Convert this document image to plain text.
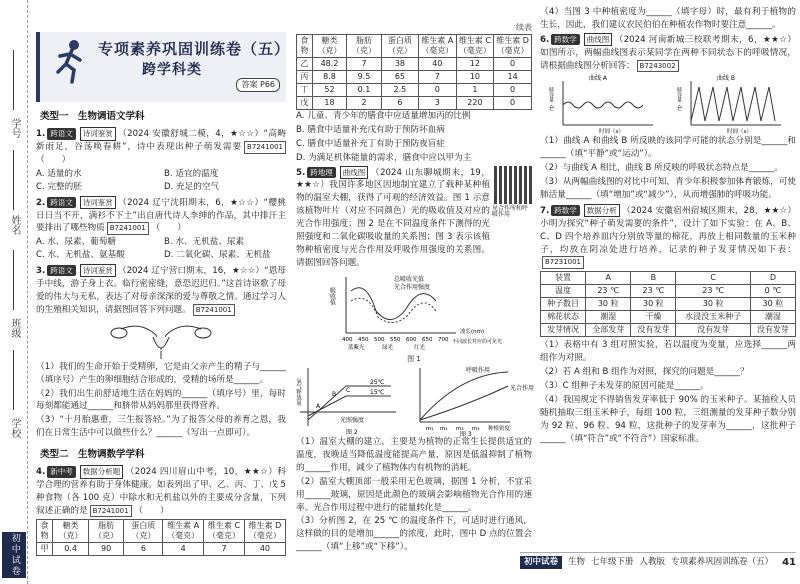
学号
姓名
班级
学校
初中试卷
专项素养巩固训练卷（五）
跨学科类
答案 P66
类型一　生物调语文学科

1. 跨语文 诗词鉴赏 （2024 安徽舒城二模，4，★☆☆）“高畴新雨足，谷荡唤春耕”，诗中表现出种子萌发需要 B7241001 （　　）

A. 适量的水	B. 适宜的温度
C. 完整的胚	D. 充足的空气

2. 跨语文 诗词鉴赏 （2024 辽宁沈阳期末，6，★☆☆）“樱桃日日当不开，满衫不下土”出自唐代诗人李绅的作品，其中排汗主要排出了哪些物质 B7241001 （　　）

A. 水、尿素、葡萄糖	B. 水、无机盐、尿素
C. 水、无机盐、氨基酸	D. 二氧化碳、尿素、无机盐

3. 跨语文 诗词鉴赏 （2024 辽宁营口期末，16，★☆☆）“恩母手中线，游子身上衣。临行密密缝，意恐迟迟归。”这首诗讴歌了母爱的伟大与无私，表达了对母亲深深的爱与尊敬之情。通过学习人的生殖相关知识，请据图回答下列问题。 B7241001

（1）我们的生命开始于受精卵，它是由父亲产生的精子与______（填序号）产生的卵细胞结合形成的，受精的场所是______。

（2）我们出生前舒适地生活在妈妈的______（填序号）里，每时每刻都能通过______和脐带从妈妈那里获得营养。

（3）“十月胎惠重，三生报答轻。”为了报答父母的养育之恩，我们在日常生活中可以做些什么？______（写出一点即可）。

类型二　生物调数学学科

4. 新中考 数据分析题 （2024 四川眉山中考，10，★★☆）科学合理的营养有助于身体健康。如表列出了甲、乙、丙、丁、戊 5 种食物（各 100 克）中除水和无机盐以外的主要成分含量，下列叙述正确的是 B7241001 （　　）

食物	糖类（克）	脂肪（克）	蛋白质（克）	维生素 A（毫克）	维生素 C（毫克）	维生素 D（毫克）
甲	0.4	90	6	4	7	40
续表
食物	糖类（克）	脂肪（克）	蛋白质（克）	维生素 A（毫克）	维生素 C（毫克）	维生素 D（毫克）
乙	48.2	7	38	40	12	0
丙	8.8	9.5	65	7	10	14
丁	52	0.1	2.5	0	1	0
戊	18	2	6	3	220	0

A. 儿童、青少年的膳食中应适量增加丙的比例

B. 膳食中适量补充戊有助于预防坏血病

C. 膳食中适量补充丁有助于预防夜盲症

D. 为满足机体能量的需求，膳食中应以甲为主

5. 跨地理 曲线图 （2024 山东聊城期末，19，★★☆）我国许多地区因地制宜建立了载种某种植物的温室大棚，获得了可观的经济效益。图 1 示意该植物叶片（对应不同颜色）光的吸收值及对应的光合作用强度；图 2 是在不同温度条件下测得的光照强度和二氧化碳吸收量的关系图；图 3 表示该植物种植密度与光合作用及呼吸作用强度的关系图。请据图回答问题。

见合作所和呼吸作用
吸收值
总吸收光值
光合作用强度
400 450 500 550 600 650 700
波长(nm)
蓝紫光	绿光	红光
不同波长对应的可见光
图 1
氧气释放量	25℃
15℃
A
B
C
光照强度
图 2
呼吸作用
光合作用
m₁ m₂ m₃ m₄ 种植密度
图 3

（1）温室大棚的建立，主要是为植物的正常生长提供适宜的温度，夜晚适当降低温度能提高产量，原因是低温抑制了植物的______作用，减少了植物体内有机物的消耗。

（2）温室大棚顶部一般采用无色玻璃，据图 1 分析，不宜采用______玻璃，原因是此颜色的玻璃会影响植物光合作用的速率。光合作用过程中进行的能量转化是______。

（3）分析图 2，在 25 ℃ 的温度条件下，可适时进行通风，这样做的目的是增加______的浓度，此时，图中 D 点的位置会______（填“上移”或“下移”）。

（4）当图 3 中种植密度为______（填字母）时，最有利于植物的生长，因此，我们建议农民伯伯在种植农作物时要注意______。

6. 跨数学 曲线图 （2024 河南新城三校联考期末，6，★★☆）如图所示，两幅曲线图表示某同学在两种不同状态下的呼吸情况，请根据曲线图分析回答： B7243002

曲线 A
肺容量（L）
时间（s）
曲线 B
肺容量（L）
时间（s）

（1）曲线 A 和曲线 B 所反映的该同学可能的状态分别是______和______（填“平静”或“运动”）。

（2）与曲线 A 相比，曲线 B 所反映的呼吸状态特点是______。

（3）从两幅曲线图的对比中可知，青少年积极参加体育锻炼，可使肺活量______（填“增加”或“减少”），从而增强肺的呼吸功能。

7. 跨数学 数据分析 （2024 安徽宿州宿城区期末，28，★★☆）小明为探究“种子萌发需要的条件”，设计了如下实验：在 A、B、C、D 四个培养皿内分别放等量的棉花，再放上相同数量的玉米种子，均放在阴凉处进行培养，记录的种子发芽情况如下表：B7231001

装置	A	B	C	D
温度	23 ℃	23 ℃	23 ℃	0 ℃
种子数目	30 粒	30 粒	30 粒	30 粒
棉花状态	潮湿	干燥	水浸没玉米种子	潮湿
发芽情况	全部发芽	没有发芽	没有发芽	没有发芽

（1）表格中有 3 组对照实验，若以温度为变量，应选择______两组作为对照。

（2）若 A 组和 B 组作为对照，探究的问题是______？

（3）C 组种子未发芽的原因可能是______。

（4）我国规定不得销售发芽率低于 90% 的玉米种子。某抽检人员随机抽取三组玉米种子，每组 100 粒，三组测量的发芽种子数分别为 92 粒、96 粒、94 粒，这批种子的发芽率为______，这批种子______（填“符合”或“不符合”）国家标准。

初中试卷	生物 七年级下册 人教版 专项素养巩固训练卷（五） 41
